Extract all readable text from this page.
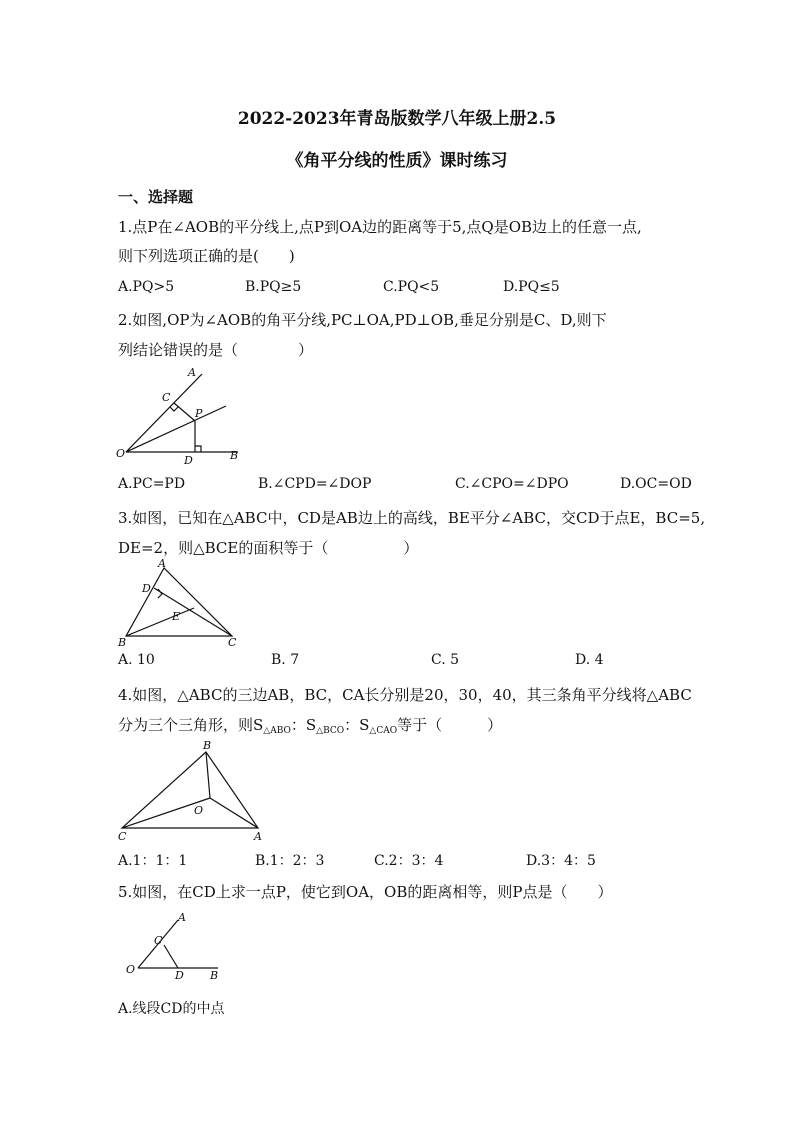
2022-2023年青岛版数学八年级上册2.5
《角平分线的性质》课时练习
一、选择题
1.点P在∠AOB的平分线上,点P到OA边的距离等于5,点Q是OB边上的任意一点,
则下列选项正确的是(　　)
A.PQ>5	B.PQ≥5	C.PQ<5	D.PQ≤5
2.如图,OP为∠AOB的角平分线,PC⊥OA,PD⊥OB,垂足分别是C、D,则下
列结论错误的是（　　　　）
A
C
P
O
D	B
A.PC=PD	B.∠CPD=∠DOP	C.∠CPO=∠DPO	D.OC=OD
3.如图，已知在△ABC中，CD是AB边上的高线，BE平分∠ABC，交CD于点E，BC=5,
DE=2，则△BCE的面积等于（　　　　　）
A
D
E
B	C
A. 10	B. 7	C. 5	D. 4
4.如图，△ABC的三边AB，BC，CA长分别是20，30，40，其三条角平分线将△ABC
分为三个三角形，则$S_{\triangle ABO}$：$S_{\triangle BCO}$：$S_{\triangle CAO}$等于（　　　）
B
O
C	A
A.1：1：1	B.1：2：3	C.2：3：4	D.3：4：5
5.如图，在CD上求一点P，使它到OA，OB的距离相等，则P点是（　　）
A
C
O	D B
A.线段CD的中点
